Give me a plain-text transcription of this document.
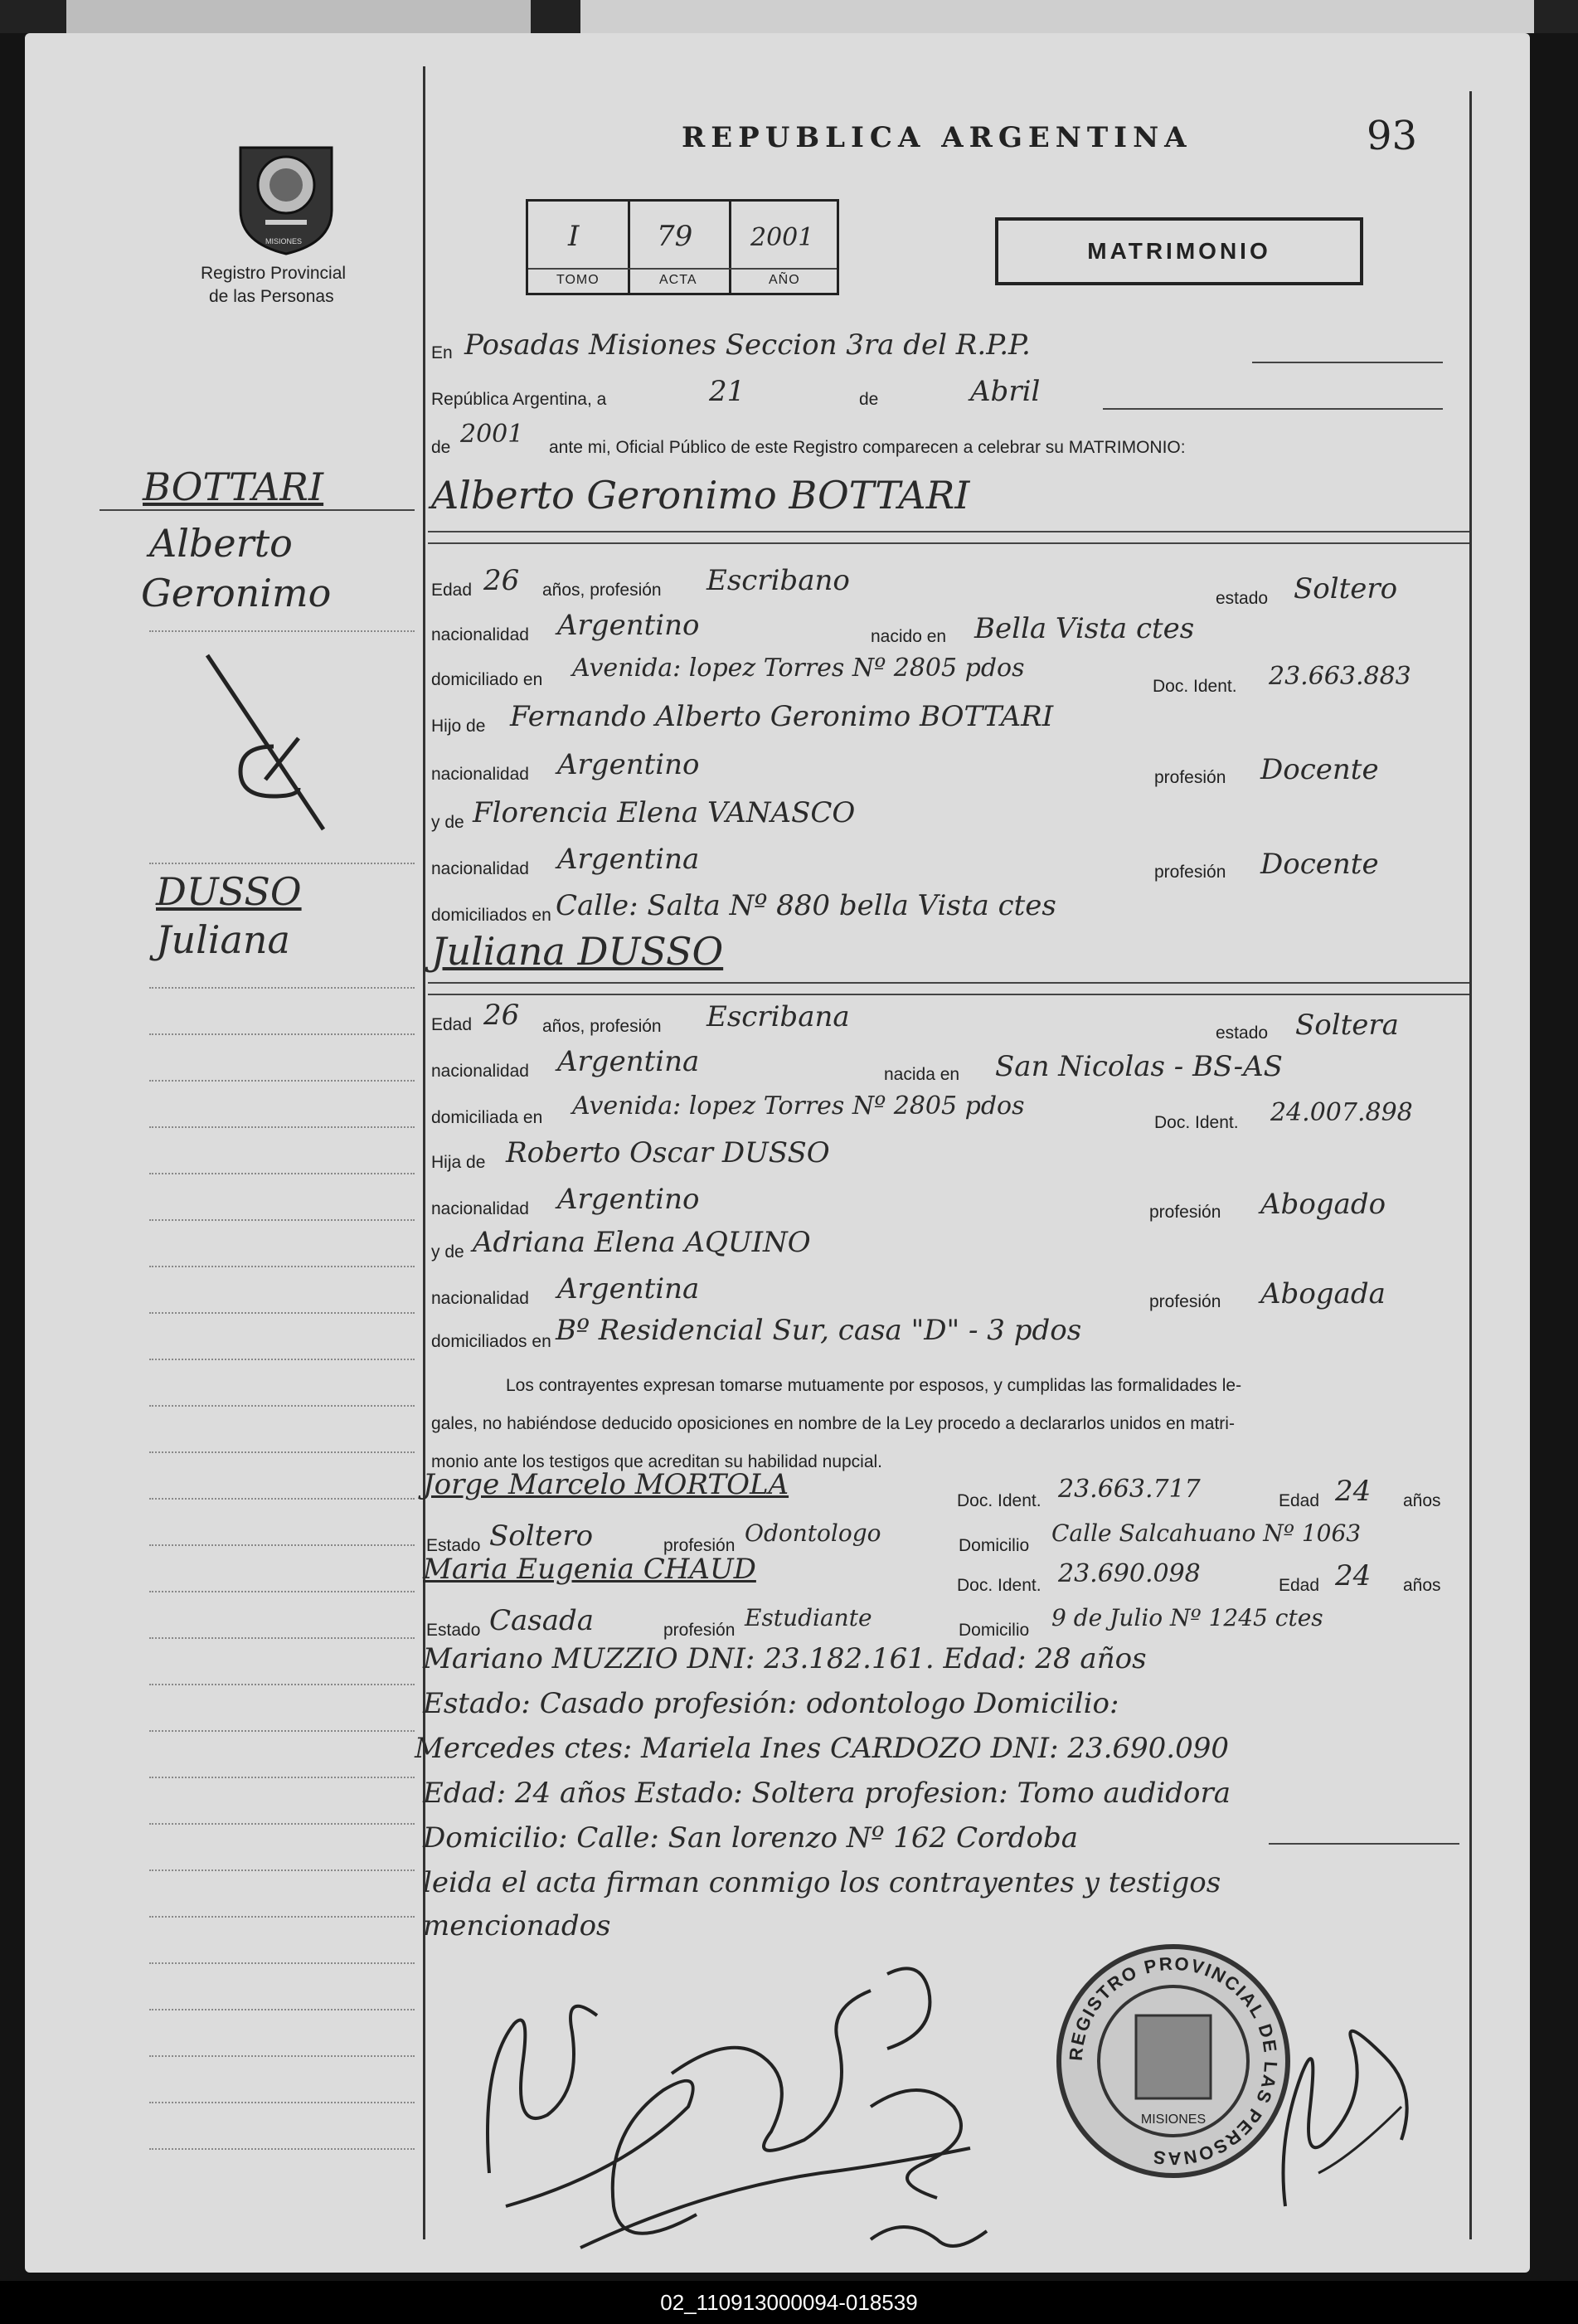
MISIONES
Registro Provincial
de las Personas
REPUBLICA ARGENTINA	93
I	79 2001
TOMO	ACTA	AÑO
MATRIMONIO
En Posadas Misiones Seccion 3ra del R.P.P.
República Argentina, a	21	de	Abril
de 2001 ante mi, Oficial Público de este Registro comparecen a celebrar su MATRIMONIO:
BOTTARI
Alberto
Geronimo
DUSSO
Juliana
Alberto Geronimo BOTTARI
Edad 26 años, profesión Escribano
estado Soltero
nacionalidad Argentino	nacido en Bella Vista ctes
domiciliado en Avenida: lopez Torres Nº 2805 pdos
Doc. Ident. 23.663.883
Hijo de Fernando Alberto Geronimo BOTTARI
nacionalidad Argentino	profesión Docente
y de Florencia Elena VANASCO
nacionalidad Argentina	profesión Docente
domiciliados en Calle: Salta Nº 880 bella Vista ctes
Juliana DUSSO
Edad 26 años, profesión Escribana	estado Soltera
nacionalidad Argentina	nacida en San Nicolas - BS-AS
domiciliada en Avenida: lopez Torres Nº 2805 pdos
Doc. Ident. 24.007.898
Hija de Roberto Oscar DUSSO
nacionalidad Argentino	profesión Abogado
y de Adriana Elena AQUINO
nacionalidad Argentina	profesión Abogada
domiciliados en Bº Residencial Sur, casa "D" - 3 pdos
Los contrayentes expresan tomarse mutuamente por esposos, y cumplidas las formalidades le-
gales, no habiéndose deducido oposiciones en nombre de la Ley procedo a declararlos unidos en matri-
monio ante los testigos que acreditan su habilidad nupcial.
Jorge Marcelo MORTOLA	Doc. Ident. 23.663.717	Edad 24 años
Estado Soltero	profesión Odontologo	Domicilio Calle Salcahuano Nº 1063
Maria Eugenia CHAUD	Doc. Ident. 23.690.098	Edad 24 años
Estado Casada	profesión Estudiante	Domicilio 9 de Julio Nº 1245 ctes
Mariano MUZZIO DNI: 23.182.161. Edad: 28 años
Estado: Casado profesión: odontologo Domicilio:
Mercedes ctes: Mariela Ines CARDOZO DNI: 23.690.090
Edad: 24 años Estado: Soltera profesion: Tomo audidora
Domicilio: Calle: San lorenzo Nº 162 Cordoba
leida el acta firman conmigo los contrayentes y testigos
mencionados
REGISTRO PROVINCIAL DE LAS PERSONAS
MISIONES
02_110913000094-018539
